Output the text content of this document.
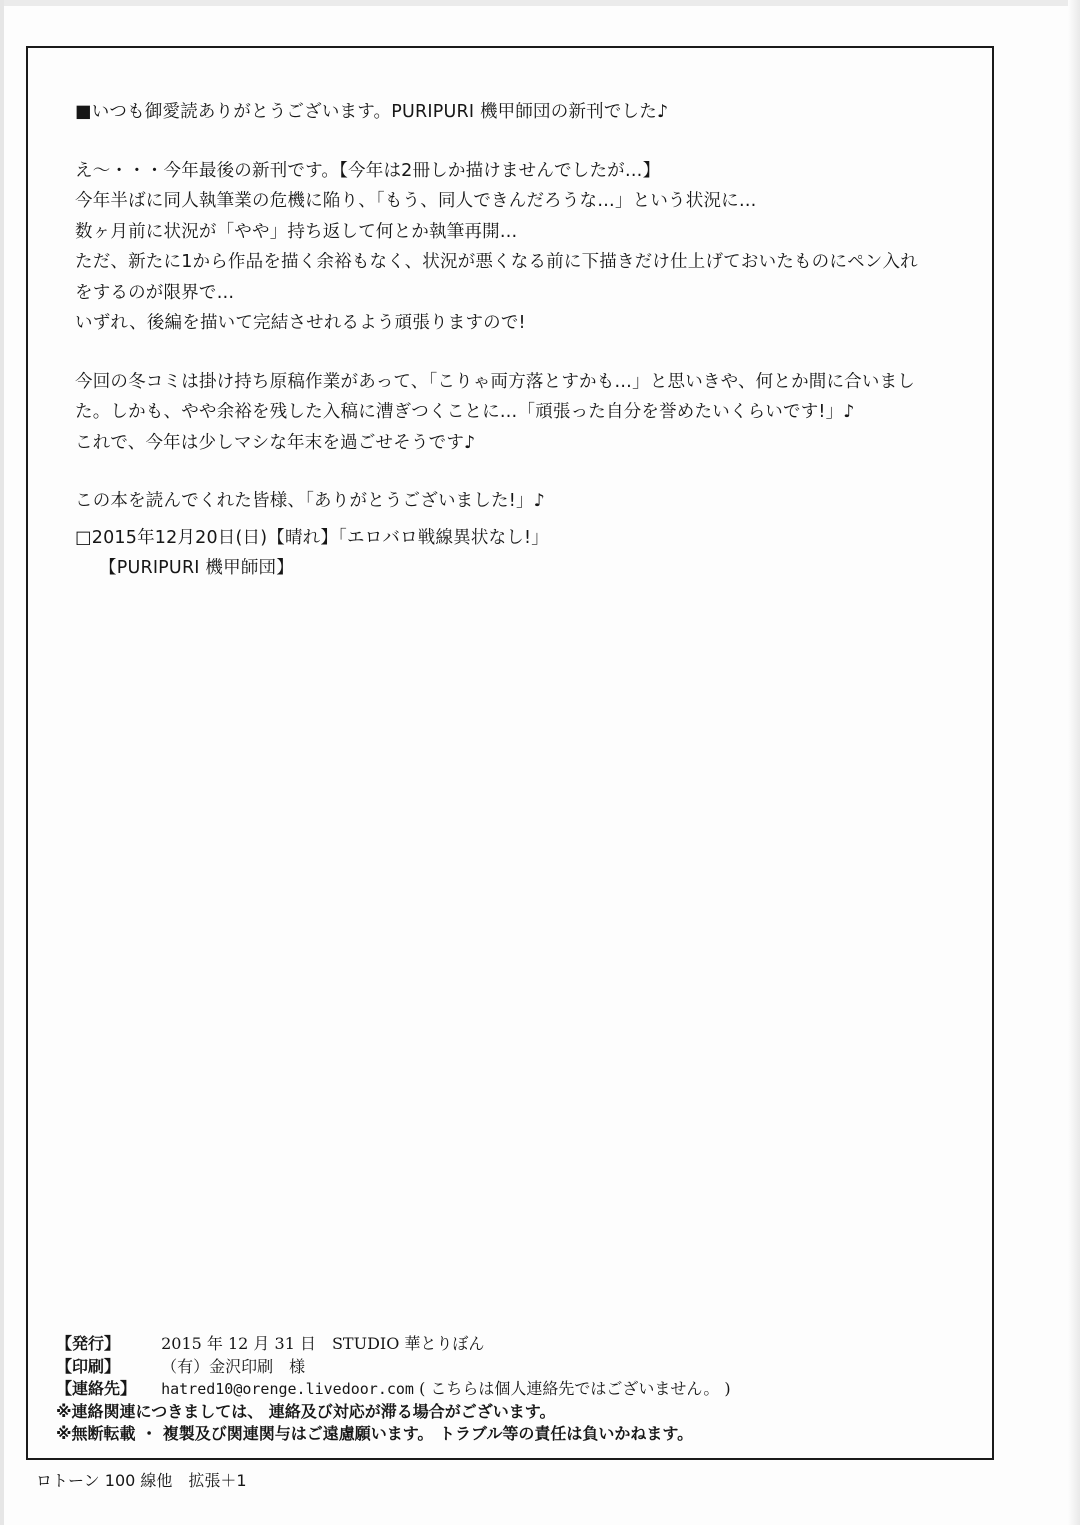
■いつも御愛読ありがとうございます。PURIPURI 機甲師団の新刊でした♪

え～・・・今年最後の新刊です。【今年は2冊しか描けませんでしたが…】
今年半ばに同人執筆業の危機に陥り、「もう、同人できんだろうな…」という状況に…
数ヶ月前に状況が「やや」持ち返して何とか執筆再開…
ただ、新たに1から作品を描く余裕もなく、状況が悪くなる前に下描きだけ仕上げておいたものにペン入れ
をするのが限界で…
いずれ、後編を描いて完結させれるよう頑張りますので!

今回の冬コミは掛け持ち原稿作業があって、「こりゃ両方落とすかも…」と思いきや、何とか間に合いまし
た。しかも、やや余裕を残した入稿に漕ぎつくことに…「頑張った自分を誉めたいくらいです!」♪
これで、今年は少しマシな年末を過ごせそうです♪

この本を読んでくれた皆様、「ありがとうございました!」♪

□2015年12月20日(日)【晴れ】「エロバロ戦線異状なし!」
【PURIPURI 機甲師団】
【発行】	2015 年 12 月 31 日　STUDIO 華とりぼん
【印刷】	（有）金沢印刷　様
【連絡先】 hatred10@orenge.livedoor.com ( こちらは個人連絡先ではございません。 )
※連絡関連につきましては、 連絡及び対応が滞る場合がございます。
※無断転載 ・ 複製及び関連関与はご遠慮願います。 トラブル等の責任は負いかねます。
ロトーン 100 線他　拡張＋1
